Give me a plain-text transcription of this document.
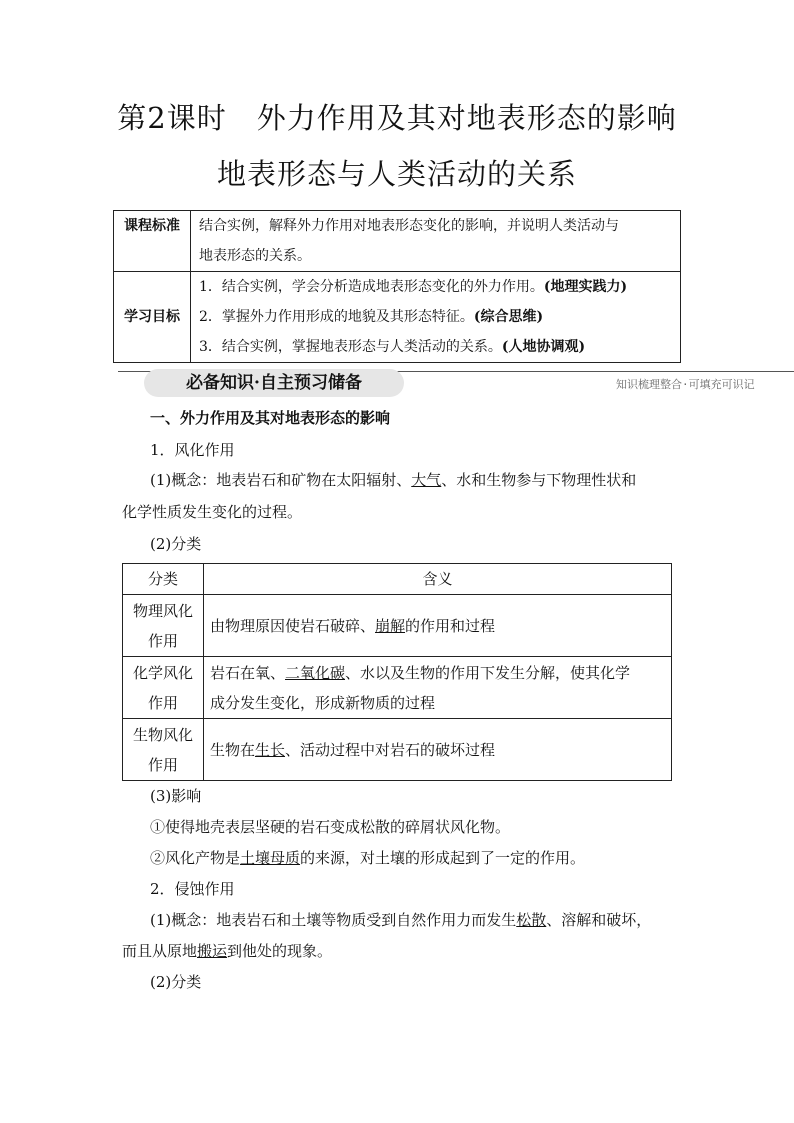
第2课时　外力作用及其对地表形态的影响
地表形态与人类活动的关系
课程标准	结合实例，解释外力作用对地表形态变化的影响，并说明人类活动与
地表形态的关系。

学习目标	1．结合实例，学会分析造成地表形态变化的外力作用。(地理实践力)
2．掌握外力作用形成的地貌及其形态特征。(综合思维)
3．结合实例，掌握地表形态与人类活动的关系。(人地协调观)
必备知识·自主预习储备	知识梳理整合·可填充可识记
一、外力作用及其对地表形态的影响
1．风化作用
(1)概念：地表岩石和矿物在太阳辐射、大气、水和生物参与下物理性状和
化学性质发生变化的过程。
(2)分类
分类	含义
物理风化作用	由物理原因使岩石破碎、崩解的作用和过程
化学风化作用	岩石在氧、二氧化碳、水以及生物的作用下发生分解，使其化学
成分发生变化，形成新物质的过程

生物风化作用	生物在生长、活动过程中对岩石的破坏过程
(3)影响
①使得地壳表层坚硬的岩石变成松散的碎屑状风化物。
②风化产物是土壤母质的来源，对土壤的形成起到了一定的作用。
2．侵蚀作用
(1)概念：地表岩石和土壤等物质受到自然作用力而发生松散、溶解和破坏，
而且从原地搬运到他处的现象。
(2)分类
